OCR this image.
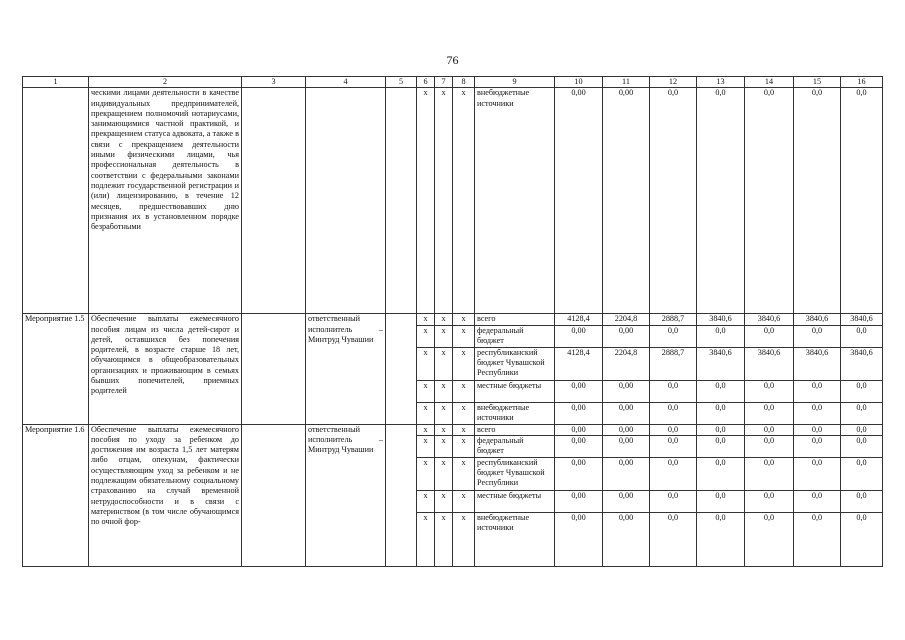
76
1	2	3	4	5	6	7	8	9	10	11	12	13	14	15	16
	ческими лицами деятельности в качестве индивидуальных предпринимателей, прекращением полномочий нотариусами, занимающимися частной практикой, и прекращением статуса адвоката, а также в связи с прекращением деятельности иными физическими лицами, чья профессиональная деятельность в соответствии с федеральными законами подлежит государственной регистрации и (или) лицензированию, в течение 12 месяцев, предшествовавших дню признания их в установленном порядке безработными				x	x	x	внебюджетные источники	0,00	0,00	0,0	0,0	0,0	0,0	0,0
Мероприятие 1.5	Обеспечение выплаты ежемесячного пособия лицам из числа детей-сирот и детей, оставшихся без попечения родителей, в возрасте старше 18 лет, обучающимся в общеобразовательных организациях и проживающим в семьях бывших попечителей, приемных родителей		ответственный исполнитель – Минтруд Чувашии		x	x	x	всего	4128,4	2204,8	2888,7	3840,6	3840,6	3840,6	3840,6
					x	x	x	федеральный бюджет	0,00	0,00	0,0	0,0	0,0	0,0	0,0
					x	x	x	республиканский бюджет Чувашской Республики	4128,4	2204,8	2888,7	3840,6	3840,6	3840,6	3840,6
					x	x	x	местные бюджеты	0,00	0,00	0,0	0,0	0,0	0,0	0,0
					x	x	x	внебюджетные источники	0,00	0,00	0,0	0,0	0,0	0,0	0,0
Мероприятие 1.6	Обеспечение выплаты ежемесячного пособия по уходу за ребенком до достижения им возраста 1,5 лет матерям либо отцам, опекунам, фактически осуществляющим уход за ребенком и не подлежащим обязательному социальному страхованию на случай временной нетрудоспособности и в связи с материнством (в том числе обучающимся по очной фор-		ответственный исполнитель – Минтруд Чувашии		x	x	x	всего	0,00	0,00	0,0	0,0	0,0	0,0	0,0
					x	x	x	федеральный бюджет	0,00	0,00	0,0	0,0	0,0	0,0	0,0
					x	x	x	республиканский бюджет Чувашской Республики	0,00	0,00	0,0	0,0	0,0	0,0	0,0
					x	x	x	местные бюджеты	0,00	0,00	0,0	0,0	0,0	0,0	0,0
					x	x	x	внебюджетные источники	0,00	0,00	0,0	0,0	0,0	0,0	0,0
